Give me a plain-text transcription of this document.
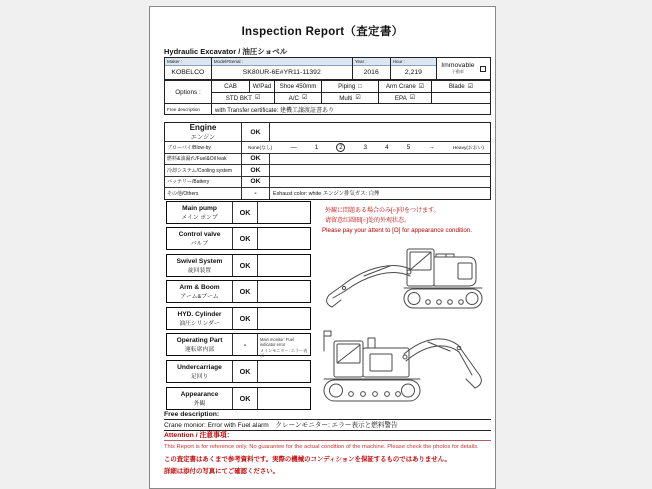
Inspection Report（査定書）
Hydraulic Excavator / 油圧ショベル
Maker :
KOBELCO
Model#Serial :
SK80UR-6E#YR11-11392
Year :
2016
Hour :
2,219
Immovable
不動車
Options :
CAB	W/Pad Shoe 450mm	Piping □	Arm Crane ☑	Blade ☑
STD BKT ☑	A/C ☑	Multi ☑	EPA ☑
Free description	with Transfer certificate: 建機工譲渡証書あり
Engine
エンジン
OK
ブローバイ/Blow-by	None(なし)	—	1	2	3	4	5	→	Heavy(おおい)
燃料&油漏れ/Fuel&Oil leak	OK
冷却システム/Cooling system	OK
バッテリー/Battery	OK
その他/Others	-	Exhaust color: white エンジン排気ガス: 白煙
Main pump
メイン ポンプ
OK
Control valve
バルブ
OK
Swivel System
旋回装置
OK
Arm & Boom
アーム&ブーム
OK
HYD. Cylinder
油圧シリンダー
OK
Operating Part
運転席内部
-
Main monitor: Fuel indicator error
メインモニター: エラー表示
Undercarriage
足回り
OK
Appearance
外観
OK
外観に問題ある場合のみ[○]印をつけます。
请留意红圆圈[○]处的外观状态。
Please pay your attent to [O] for appearance condition.
Free description:
Crane monior: Error with Fuel alarm　クレーンモニター: エラー表示と燃料警告
Attention / 注意事項：
This Report is for reference only. No guarantee for the actual condition of the machine. Please check the photos for details.
この査定書はあくまで参考資料です。実際の機械のコンディションを保証するものではありません。
詳細は添付の写真にてご確認ください。
